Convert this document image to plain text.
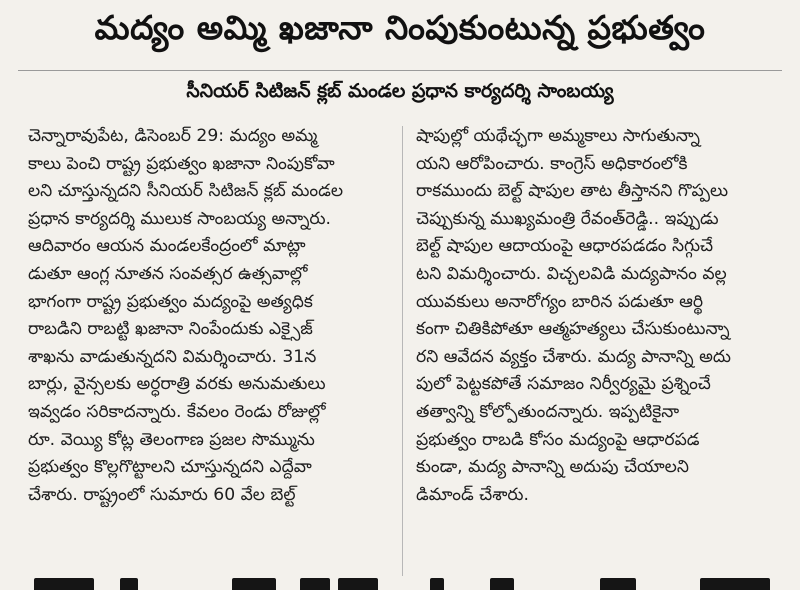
మద్యం అమ్మి ఖజానా నింపుకుంటున్న ప్రభుత్వం
సీనియర్ సిటిజన్ క్లబ్ మండల ప్రధాన కార్యదర్శి సాంబయ్య
చెన్నారావుపేట, డిసెంబర్ 29: మద్యం అమ్మ
కాలు పెంచి రాష్ట్ర ప్రభుత్వం ఖజానా నింపుకోవా
లని చూస్తున్నదని సీనియర్ సిటిజన్ క్లబ్ మండల
ప్రధాన కార్యదర్శి ములుక సాంబయ్య అన్నారు.
ఆదివారం ఆయన మండలకేంద్రంలో మాట్లా
డుతూ ఆంగ్ల నూతన సంవత్సర ఉత్సవాల్లో
భాగంగా రాష్ట్ర ప్రభుత్వం మద్యంపై అత్యధిక
రాబడిని రాబట్టి ఖజానా నింపేందుకు ఎక్సైజ్
శాఖను వాడుతున్నదని విమర్శించారు. 31న
బార్లు, వైన్సలకు అర్ధరాత్రి వరకు అనుమతులు
ఇవ్వడం సరికాదన్నారు. కేవలం రెండు రోజుల్లో
రూ. వెయ్యి కోట్ల తెలంగాణ ప్రజల సొమ్మును
ప్రభుత్వం కొల్లగొట్టాలని చూస్తున్నదని ఎద్దేవా
చేశారు. రాష్ట్రంలో సుమారు 60 వేల బెల్ట్
షాపుల్లో యథేచ్ఛగా అమ్మకాలు సాగుతున్నా
యని ఆరోపించారు. కాంగ్రెస్ అధికారంలోకి
రాకముందు బెల్ట్ షాపుల తాట తీస్తానని గొప్పలు
చెప్పుకున్న ముఖ్యమంత్రి రేవంత్‌రెడ్డి.. ఇప్పుడు
బెల్ట్ షాపుల ఆదాయంపై ఆధారపడడం సిగ్గుచే
టని విమర్శించారు. విచ్చలవిడి మద్యపానం వల్ల
యువకులు అనారోగ్యం బారిన పడుతూ ఆర్థి
కంగా చితికిపోతూ ఆత్మహత్యలు చేసుకుంటున్నా
రని ఆవేదన వ్యక్తం చేశారు. మద్య పానాన్ని అదు
పులో పెట్టకపోతే సమాజం నిర్వీర్యమై ప్రశ్నించే
తత్వాన్ని కోల్పోతుందన్నారు. ఇప్పటికైనా
ప్రభుత్వం రాబడి కోసం మద్యంపై ఆధారపడ
కుండా, మద్య పానాన్ని అదుపు చేయాలని
డిమాండ్ చేశారు.
